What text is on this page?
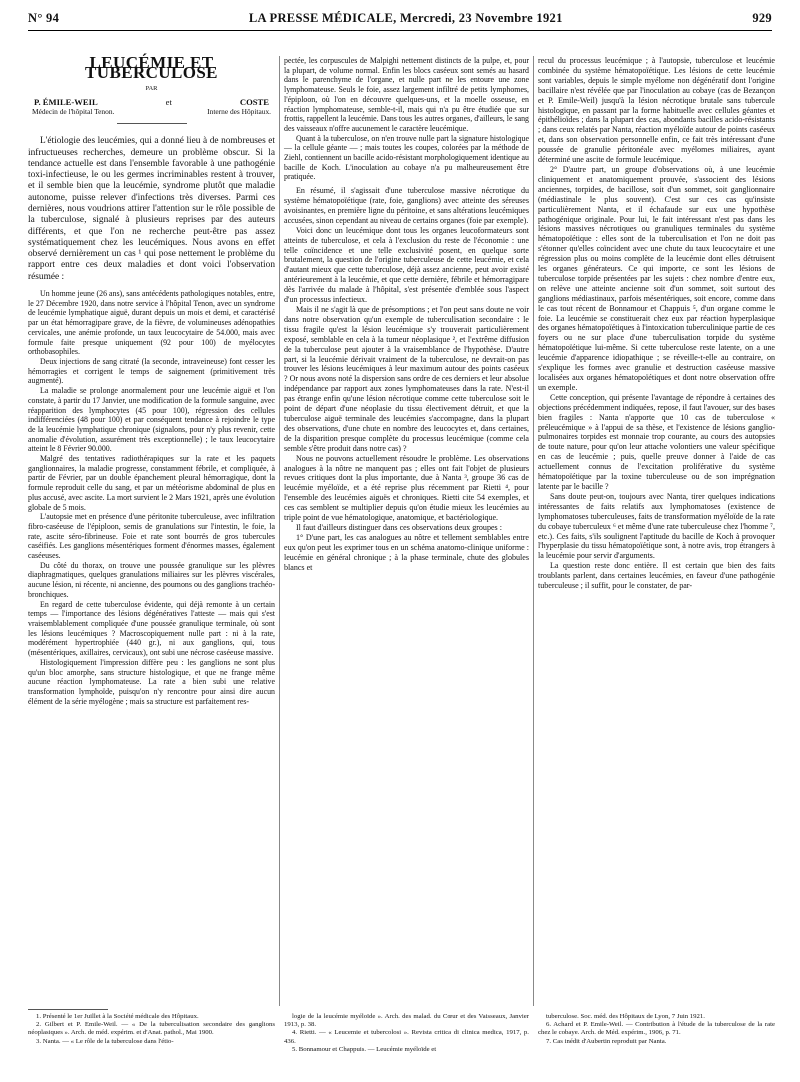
N° 94	LA PRESSE MÉDICALE, Mercredi, 23 Novembre 1921	929
LEUCÉMIE ET TUBERCULOSE
PAR
P. ÉMILE-WEIL	et	COSTE
Médecin de l'hôpital Tenon.	Interne des Hôpitaux.

L'étiologie des leucémies, qui a donné lieu à de nombreuses et infructueuses recherches, demeure un problème obscur. Si la tendance actuelle est dans l'ensemble favorable à une pathogénie toxi-infectieuse, le ou les germes incriminables restent à trouver, et il semble bien que la leucémie, syndrome plutôt que maladie autonome, puisse relever d'infections très diverses. Parmi ces dernières, nous voudrions attirer l'attention sur le rôle possible de la tuberculose, signalé à plusieurs reprises par des auteurs différents, et que l'on ne recherche peut-être pas assez systématiquement chez les leucémiques. Nous avons en effet observé dernièrement un cas ¹ qui pose nettement le problème du rapport entre ces deux maladies et dont voici l'observation résumée :

Un homme jeune (26 ans), sans antécédents pathologiques notables, entre, le 27 Décembre 1920, dans notre service à l'hôpital Tenon, avec un syndrome de leucémie lymphatique aiguë, durant depuis un mois et demi, et caractérisé par un état hémorragipare grave, de la fièvre, de volumineuses adénopathies cervicales, une anémie profonde, un taux leucocytaire de 54.000, mais avec formule faite presque uniquement (92 pour 100) de myélocytes orthobasophiles.

Deux injections de sang citraté (la seconde, intraveineuse) font cesser les hémorragies et corrigent le temps de saignement (primitivement très augmenté).

La maladie se prolonge anormalement pour une leucémie aiguë et l'on constate, à partir du 17 Janvier, une modification de la formule sanguine, avec réapparition des lymphocytes (45 pour 100), régression des cellules indifférenciées (48 pour 100) et par conséquent tendance à rejoindre le type de la leucémie lymphatique chronique (signalons, pour n'y plus revenir, cette anomalie d'évolution, assurément très exceptionnelle) ; le taux leucocytaire atteint le 8 Février 90.000.

Malgré des tentatives radiothérapiques sur la rate et les paquets ganglionnaires, la maladie progresse, constamment fébrile, et compliquée, à partir de Février, par un double épanchement pleural hémorragique, dont la formule reproduit celle du sang, et par un météorisme abdominal de plus en plus accusé, avec ascite. La mort survient le 2 Mars 1921, après une évolution globale de 5 mois.

L'autopsie met en présence d'une péritonite tuberculeuse, avec infiltration fibro-caséeuse de l'épiploon, semis de granulations sur l'intestin, le foie, la rate, ascite séro-fibrineuse. Foie et rate sont bourrés de gros tubercules caséifiés. Les ganglions mésentériques forment d'énormes masses, également caséeuses.

Du côté du thorax, on trouve une poussée granulique sur les plèvres diaphragmatiques, quelques granulations miliaires sur les plèvres viscérales, aucune lésion, ni récente, ni ancienne, des poumons ou des ganglions trachéo-bronchiques.

En regard de cette tuberculose évidente, qui déjà remonte à un certain temps — l'importance des lésions dégénératives l'atteste — mais qui s'est vraisemblablement compliquée d'une poussée granulique terminale, où sont les lésions leucémiques ? Macroscopiquement nulle part : ni à la rate, modérément hypertrophiée (440 gr.), ni aux ganglions, qui, tous (mésentériques, axillaires, cervicaux), ont subi une nécrose caséeuse massive.

Histologiquement l'impression diffère peu : les ganglions ne sont plus qu'un bloc amorphe, sans structure histologique, et que ne frange même aucune réaction lymphomateuse. La rate a bien subi une relative transformation lymphoïde, puisqu'on n'y rencontre pour ainsi dire aucun élément de la série myélogène ; mais sa structure est parfaitement res-

pectée, les corpuscules de Malpighi nettement distincts de la pulpe, et, pour la plupart, de volume normal. Enfin les blocs caséeux sont semés au hasard dans le parenchyme de l'organe, et nulle part ne les entoure une zone lymphomateuse. Seuls le foie, assez largement infiltré de petits lymphomes, l'épiploon, où l'on en découvre quelques-uns, et la moelle osseuse, en réaction lymphomateuse, semble-t-il, mais qui n'a pu être étudiée que sur frottis, rappellent la leucémie. Dans tous les autres organes, d'ailleurs, le sang des vaisseaux n'offre aucunement le caractère leucémique.

Quant à la tuberculose, on n'en trouve nulle part la signature histologique — la cellule géante — ; mais toutes les coupes, colorées par la méthode de Ziehl, contiennent un bacille acido-résistant morphologiquement identique au bacille de Koch. L'inoculation au cobaye n'a pu malheureusement être pratiquée.

En résumé, il s'agissait d'une tuberculose massive nécrotique du système hématopoïétique (rate, foie, ganglions) avec atteinte des séreuses avoisinantes, en première ligne du péritoine, et sans altérations leucémiques accusées, sinon cependant au niveau de certains organes (foie par exemple).

Voici donc un leucémique dont tous les organes leucoformateurs sont atteints de tuberculose, et cela à l'exclusion du reste de l'économie : une telle coïncidence et une telle exclusivité posent, en quelque sorte brutalement, la question de l'origine tuberculeuse de cette leucémie, et cela d'autant mieux que cette tuberculose, déjà assez ancienne, peut avoir existé antérieurement à la leucémie, et que cette dernière, fébrile et hémorragipare dès l'arrivée du malade à l'hôpital, s'est présentée d'emblée sous l'aspect d'un processus infectieux.

Mais il ne s'agit là que de présomptions ; et l'on peut sans doute ne voir dans notre observation qu'un exemple de tuberculisation secondaire : le tissu fragile qu'est la lésion leucémique s'y trouverait particulièrement exposé, semblable en cela à la tumeur néoplasique ², et l'extrême diffusion de la tuberculose peut ajouter à la vraisemblance de l'hypothèse. D'autre part, si la leucémie dérivait vraiment de la tuberculose, ne devrait-on pas trouver les lésions leucémiques à leur maximum autour des points caséeux ? Or nous avons noté la dispersion sans ordre de ces derniers et leur absolue indépendance par rapport aux zones lymphomateuses dans la rate. N'est-il pas étrange enfin qu'une lésion nécrotique comme cette tuberculose soit le point de départ d'une néoplasie du tissu électivement détruit, et que la tuberculose aiguë terminale des leucémies s'accompagne, dans la plupart des observations, d'une chute en nombre des leucocytes et, dans certaines, de la disparition presque complète du processus leucémique (comme cela semble s'être produit dans notre cas) ?

Nous ne pouvons actuellement résoudre le problème. Les observations analogues à la nôtre ne manquent pas ; elles ont fait l'objet de plusieurs revues critiques dont la plus importante, due à Nanta ³, groupe 36 cas de leucémie myéloïde, et a été reprise plus récemment par Rietti ⁴, pour l'ensemble des leucémies aiguës et chroniques. Rietti cite 54 exemples, et ces cas semblent se multiplier depuis qu'on étudie mieux les leucémies au triple point de vue hématologique, anatomique, et bactériologique.

Il faut d'ailleurs distinguer dans ces observations deux groupes :

1° D'une part, les cas analogues au nôtre et tellement semblables entre eux qu'on peut les exprimer tous en un schéma anatomo-clinique uniforme : leucémie en général chronique ; à la phase terminale, chute des globules blancs et

recul du processus leucémique ; à l'autopsie, tuberculose et leucémie combinée du système hématopoïétique. Les lésions de cette leucémie sont variables, depuis le simple myélome non dégénératif dont l'origine bacillaire n'est révélée que par l'inoculation au cobaye (cas de Bezançon et P. Emile-Weil) jusqu'à la lésion nécrotique brutale sans tubercule histologique, en passant par la forme habituelle avec cellules géantes et épithélioïdes ; dans la plupart des cas, abondants bacilles acido-résistants ; dans ceux relatés par Nanta, réaction myéloïde autour de points caséeux et, dans son observation personnelle enfin, ce fait très intéressant d'une poussée de granulie péritonéale avec myélomes miliaires, ayant déterminé une ascite de formule leucémique.

2° D'autre part, un groupe d'observations où, à une leucémie cliniquement et anatomiquement prouvée, s'associent des lésions anciennes, torpides, de bacillose, soit d'un sommet, soit ganglionnaire (médiastinale le plus souvent). C'est sur ces cas qu'insiste particulièrement Nanta, et il échafaude sur eux une hypothèse pathogénique originale. Pour lui, le fait intéressant n'est pas dans les lésions massives nécrotiques ou granuliques terminales du système hématopoïétique : elles sont de la tuberculisation et l'on ne doit pas s'étonner qu'elles coïncident avec une chute du taux leucocytaire et une régression plus ou moins complète de la leucémie dont elles détruisent les organes générateurs. Ce qui importe, ce sont les lésions de tuberculose torpide présentées par les sujets : chez nombre d'entre eux, on relève une atteinte ancienne soit d'un sommet, soit surtout des ganglions médiastinaux, parfois mésentériques, soit encore, comme dans le cas tout récent de Bonnamour et Chappuis ⁵, d'un organe comme le foie. La leucémie se constituerait chez eux par réaction hyperplasique des organes hématopoïétiques à l'intoxication tuberculinique partie de ces foyers ou ne sur place d'une tuberculisation torpide du système hématopoïétique lui-même. Si cette tuberculose reste latente, on a une leucémie d'apparence idiopathique ; se réveille-t-elle au contraire, on s'explique les formes avec granulie et destruction caséeuse massive localisées aux organes hématopoïétiques et dont notre observation offre un exemple.

Cette conception, qui présente l'avantage de répondre à certaines des objections précédemment indiquées, repose, il faut l'avouer, sur des bases bien fragiles : Nanta n'apporte que 10 cas de tuberculose « préleucémique » à l'appui de sa thèse, et l'existence de lésions ganglio-pulmonaires torpides est monnaie trop courante, au cours des autopsies de toute nature, pour qu'on leur attache volontiers une valeur spécifique en cas de leucémie ; puis, quelle preuve donner à l'aide de cas actuellement connus de l'excitation proliférative du système hématopoïétique par la toxine tuberculeuse ou de son imprégnation latente par le bacille ?

Sans doute peut-on, toujours avec Nanta, tirer quelques indications intéressantes de faits relatifs aux lymphomatoses (existence de lymphomatoses tuberculeuses, faits de transformation myéloïde de la rate du cobaye tuberculeux ⁶ et même d'une rate tuberculeuse chez l'homme ⁷, etc.). Ces faits, s'ils soulignent l'aptitude du bacille de Koch à provoquer l'hyperplasie du tissu hématopoïétique sont, à notre avis, trop étrangers à la leucémie pour servir d'arguments.

La question reste donc entière. Il est certain que bien des faits troublants parlent, dans certaines leucémies, en faveur d'une pathogénie tuberculeuse ; il suffit, pour le constater, de par-

1. Présenté le 1er Juillet à la Société médicale des Hôpitaux.
2. Gilbert et P. Emile-Weil. — « De la tuberculisation secondaire des ganglions néoplasiques ». Arch. de méd. expérim. et d'Anat. pathol., Mai 1900.
3. Nanta. — « Le rôle de la tuberculose dans l'étio-
logie de la leucémie myéloïde ». Arch. des malad. du Cœur et des Vaisseaux, Janvier 1913, p. 38.
4. Rietti. — « Leucemie et tubercolosi ». Revista critica di clinica medica, 1917, p. 436.
5. Bonnamour et Chappuis. — Leucémie myéloïde et
tuberculose. Soc. méd. des Hôpitaux de Lyon, 7 Juin 1921.
6. Achard et P. Emile-Weil. — Contribution à l'étude de la tuberculose de la rate chez le cobaye. Arch. de Méd. expérim., 1906, p. 71.
7. Cas inédit d'Aubertin reproduit par Nanta.
